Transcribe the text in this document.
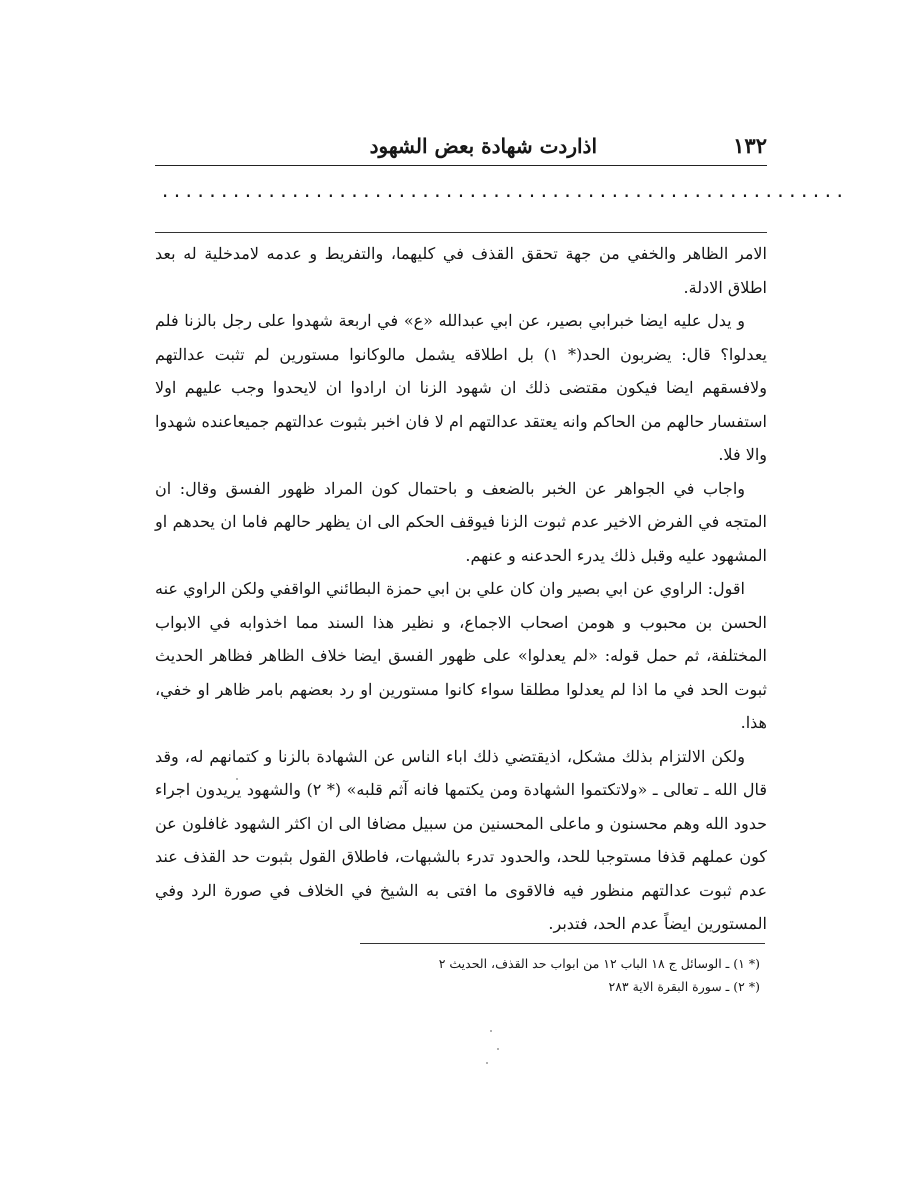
١٣٢
اذاردت شهادة بعض الشهود
..........................................................

الامر الظاهر والخفي من جهة تحقق القذف في كليهما، والتفريط و عدمه لامدخلية له بعد اطلاق الادلة.

و يدل عليه ايضا خبرابي بصير، عن ابي عبدالله «ع» في اربعة شهدوا على رجل بالزنا فلم يعدلوا؟ قال: يضربون الحد(* ١) بل اطلاقه يشمل مالوكانوا مستورين لم تثبت عدالتهم ولافسقهم ايضا فيكون مقتضى ذلك ان شهود الزنا ان ارادوا ان لايحدوا وجب عليهم اولا استفسار حالهم من الحاكم وانه يعتقد عدالتهم ام لا فان اخبر بثبوت عدالتهم جميعاعنده شهدوا والا فلا.

واجاب في الجواهر عن الخبر بالضعف و باحتمال كون المراد ظهور الفسق وقال: ان المتجه في الفرض الاخير عدم ثبوت الزنا فيوقف الحكم الى ان يظهر حالهم فاما ان يحدهم او المشهود عليه وقبل ذلك يدرء الحدعنه و عنهم.

اقول: الراوي عن ابي بصير وان كان علي بن ابي حمزة البطائني الواقفي ولكن الراوي عنه الحسن بن محبوب و هومن اصحاب الاجماع، و نظير هذا السند مما اخذوابه في الابواب المختلفة، ثم حمل قوله: «لم يعدلوا» على ظهور الفسق ايضا خلاف الظاهر فظاهر الحديث ثبوت الحد في ما اذا لم يعدلوا مطلقا سواء كانوا مستورين او رد بعضهم بامر ظاهر او خفي، هذا.

ولكن الالتزام بذلك مشكل، اذيقتضي ذلك اباء الناس عن الشهادة بالزنا و كتمانهم له، وقد قال الله ـ تعالى ـ «ولاتكتموا الشهادة ومن يكتمها فانه آثم قلبه» (* ٢) والشهود يريدون اجراء حدود الله وهم محسنون و ماعلى المحسنين من سبيل مضافا الى ان اكثر الشهود غافلون عن كون عملهم قذفا مستوجبا للحد، والحدود تدرء بالشبهات، فاطلاق القول بثبوت حد القذف عند عدم ثبوت عدالتهم منظور فيه فالاقوى ما افتى به الشيخ في الخلاف في صورة الرد وفي المستورين ايضاً عدم الحد، فتدبر.

(* ١) ـ الوسائل ج ١٨ الباب ١٢ من ابواب حد القذف، الحديث ٢
(* ٢) ـ سورة البقرة الاية ٢٨٣
